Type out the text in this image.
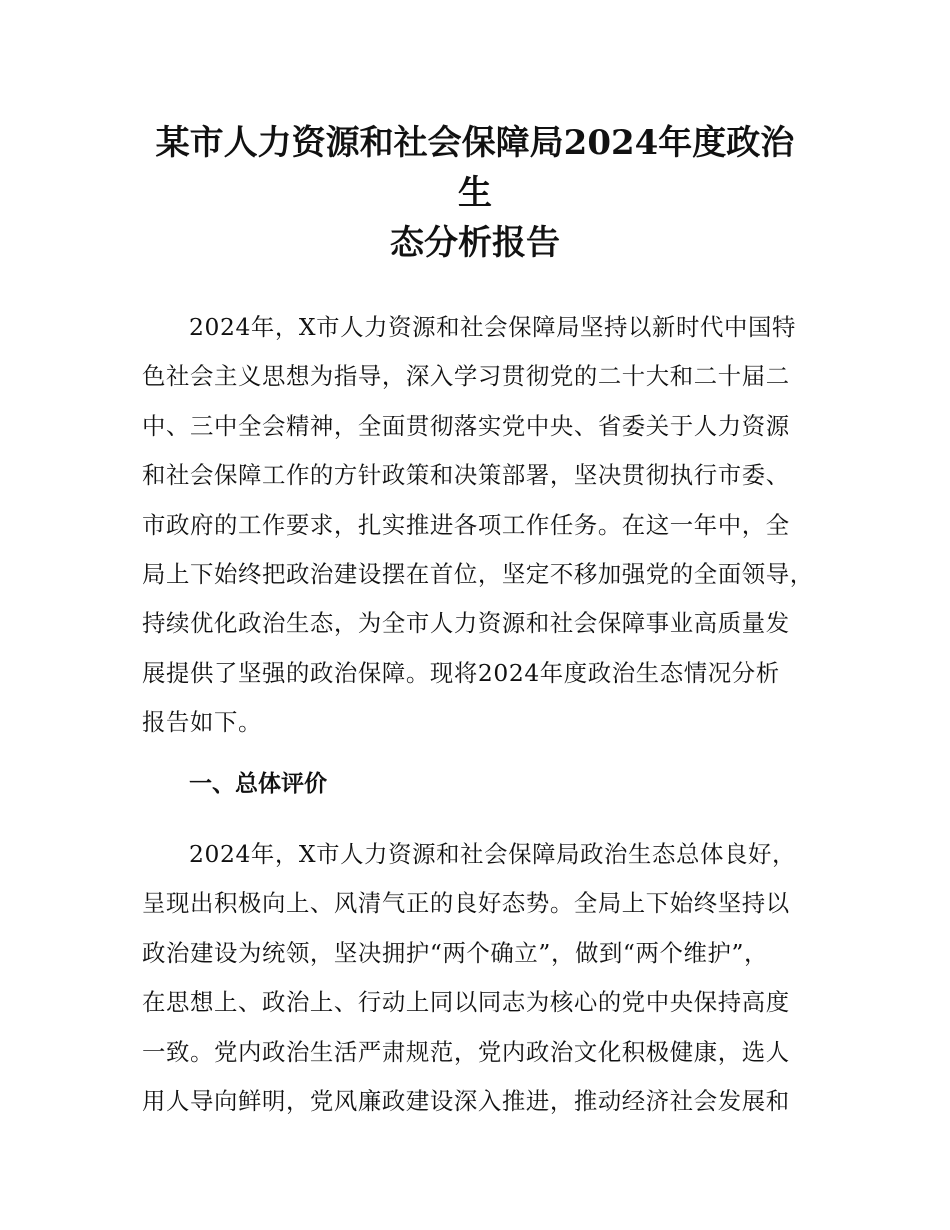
某市人力资源和社会保障局2024年度政治生
态分析报告
2024年，X市人力资源和社会保障局坚持以新时代中国特
色社会主义思想为指导，深入学习贯彻党的二十大和二十届二
中、三中全会精神，全面贯彻落实党中央、省委关于人力资源
和社会保障工作的方针政策和决策部署，坚决贯彻执行市委、
市政府的工作要求，扎实推进各项工作任务。在这一年中，全
局上下始终把政治建设摆在首位，坚定不移加强党的全面领导，
持续优化政治生态，为全市人力资源和社会保障事业高质量发
展提供了坚强的政治保障。现将2024年度政治生态情况分析
报告如下。
一、总体评价
2024年，X市人力资源和社会保障局政治生态总体良好，
呈现出积极向上、风清气正的良好态势。全局上下始终坚持以
政治建设为统领，坚决拥护“两个确立”，做到“两个维护”，
在思想上、政治上、行动上同以同志为核心的党中央保持高度
一致。党内政治生活严肃规范，党内政治文化积极健康，选人
用人导向鲜明，党风廉政建设深入推进，推动经济社会发展和
